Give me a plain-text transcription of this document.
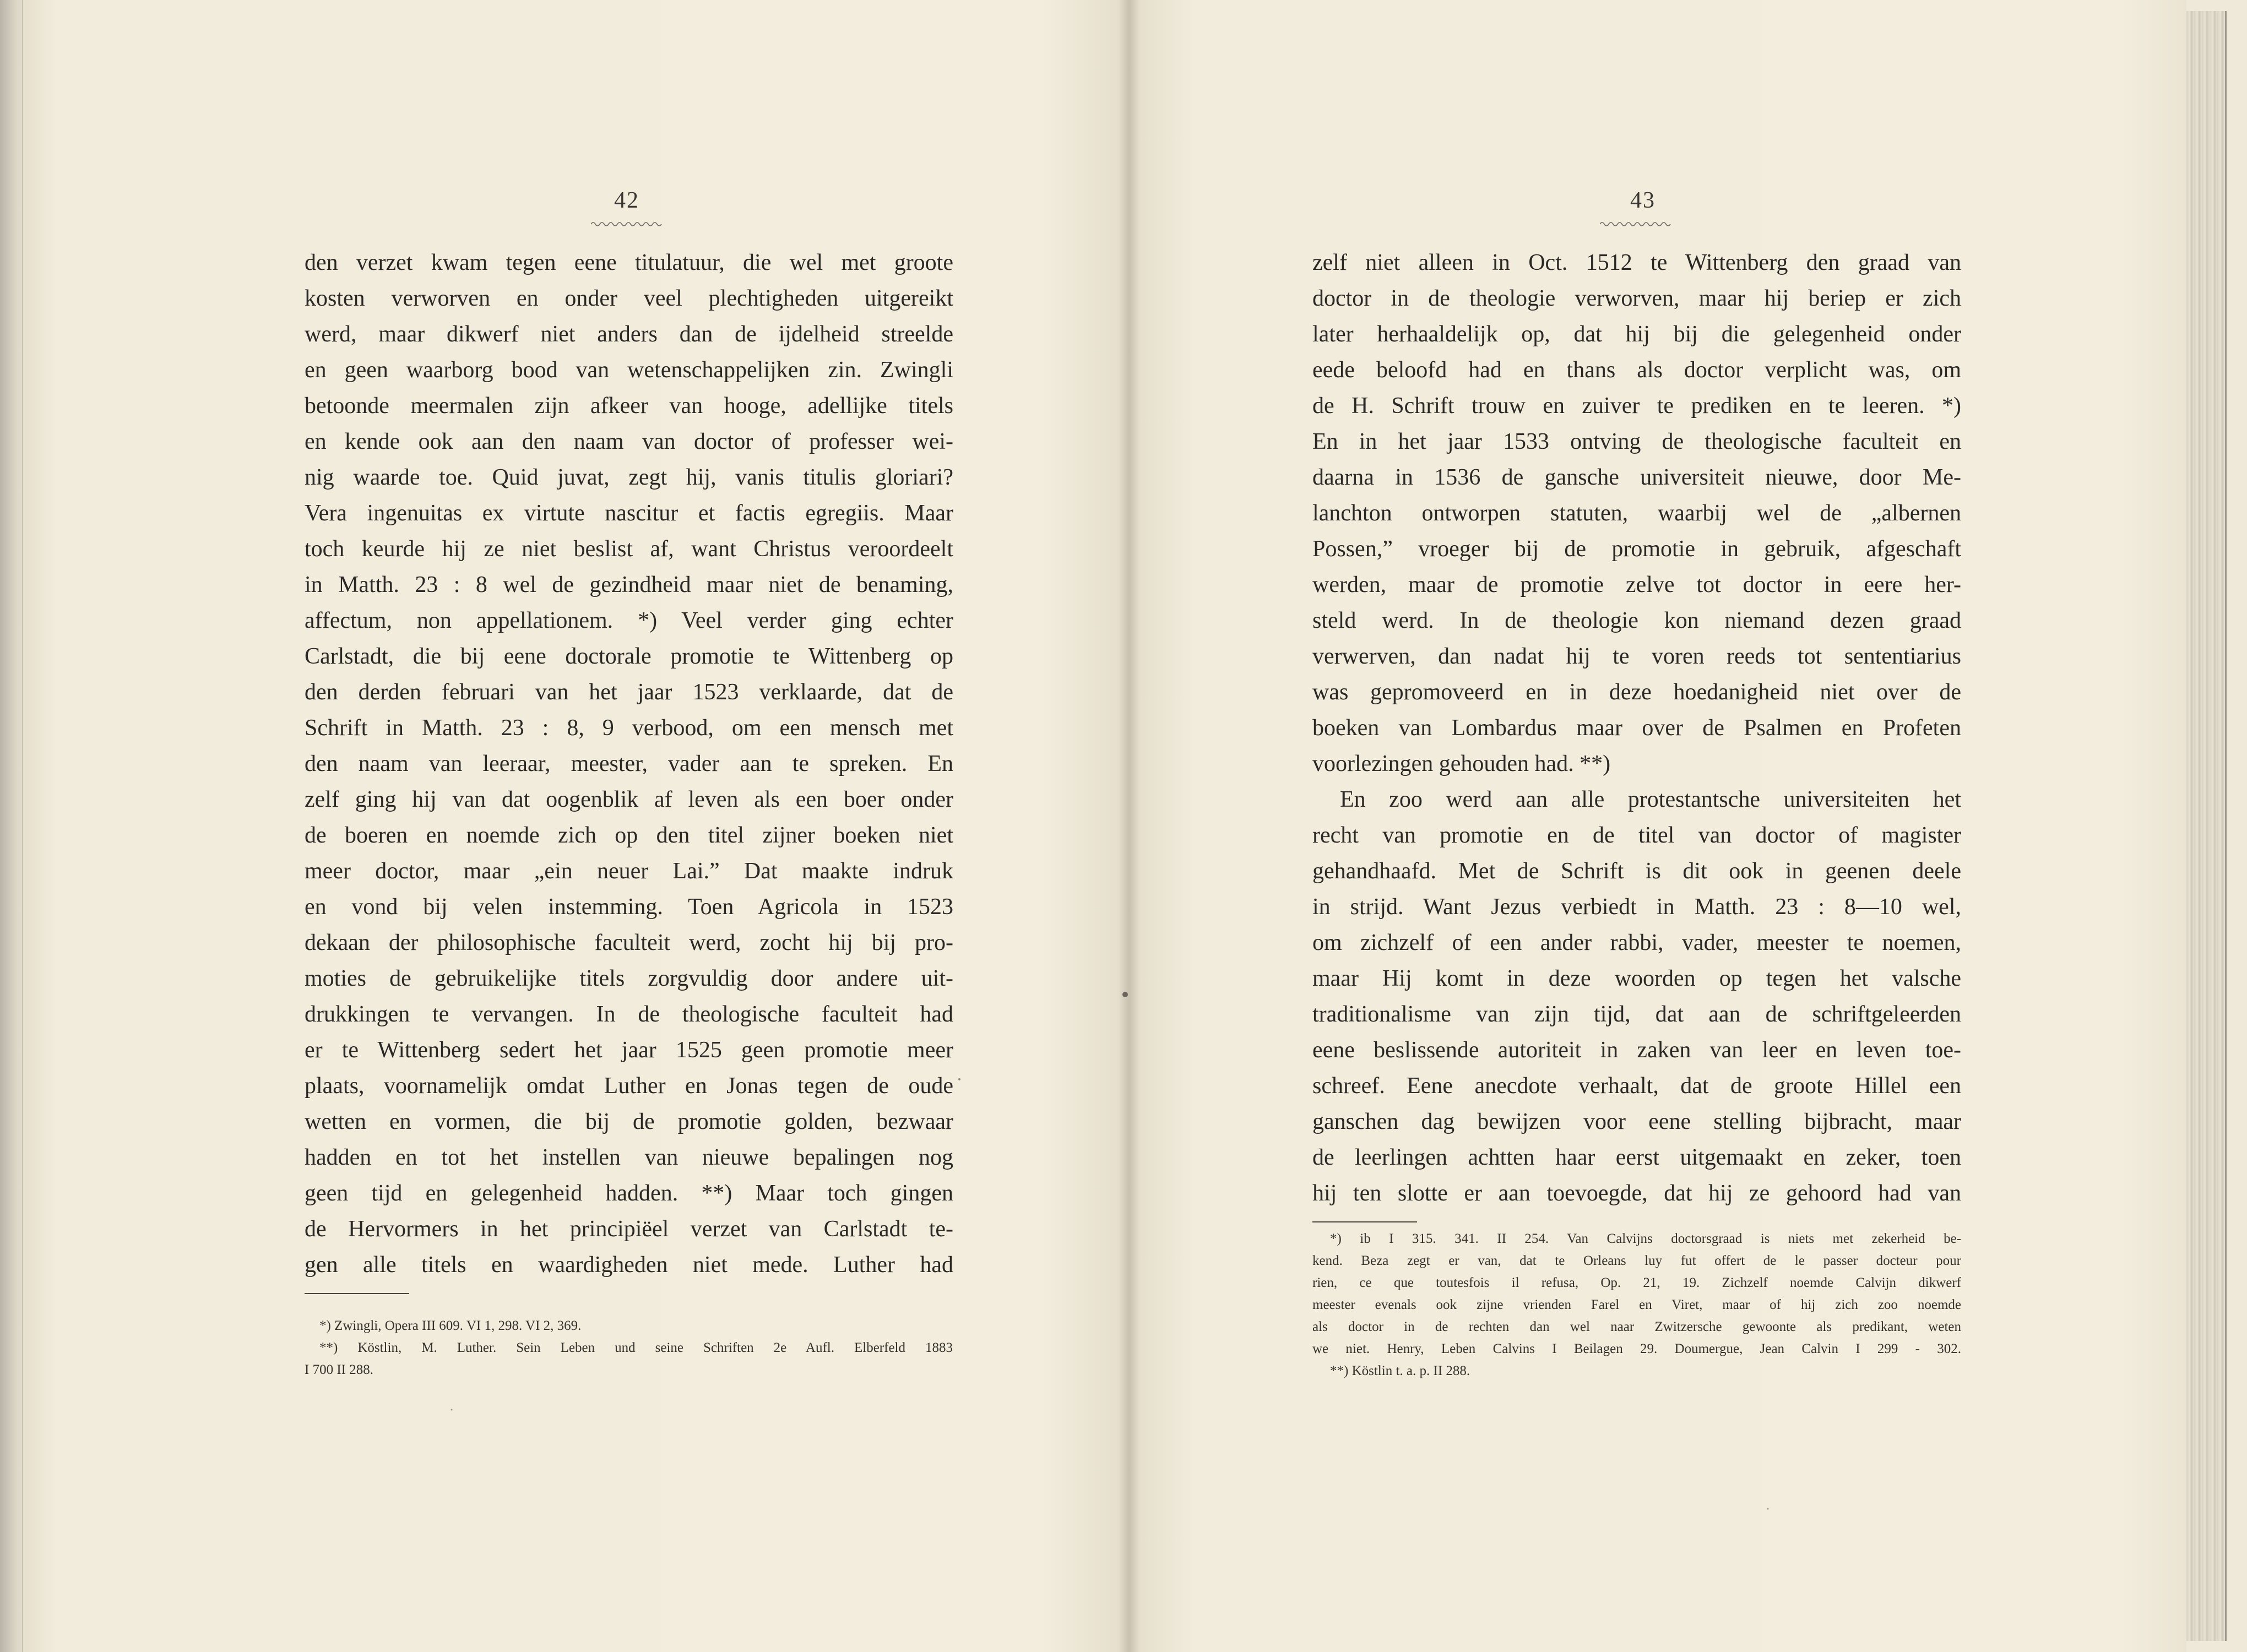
42
den verzet kwam tegen eene titulatuur, die wel met groote
kosten verworven en onder veel plechtigheden uitgereikt
werd, maar dikwerf niet anders dan de ijdelheid streelde
en geen waarborg bood van wetenschappelijken zin. Zwingli
betoonde meermalen zijn afkeer van hooge, adellijke titels
en kende ook aan den naam van doctor of professer wei-
nig waarde toe. Quid juvat, zegt hij, vanis titulis gloriari?
Vera ingenuitas ex virtute nascitur et factis egregiis. Maar
toch keurde hij ze niet beslist af, want Christus veroordeelt
in Matth. 23 : 8 wel de gezindheid maar niet de benaming,
affectum, non appellationem. *) Veel verder ging echter
Carlstadt, die bij eene doctorale promotie te Wittenberg op
den derden februari van het jaar 1523 verklaarde, dat de
Schrift in Matth. 23 : 8, 9 verbood, om een mensch met
den naam van leeraar, meester, vader aan te spreken. En
zelf ging hij van dat oogenblik af leven als een boer onder
de boeren en noemde zich op den titel zijner boeken niet
meer doctor, maar „ein neuer Lai.” Dat maakte indruk
en vond bij velen instemming. Toen Agricola in 1523
dekaan der philosophische faculteit werd, zocht hij bij pro-
moties de gebruikelijke titels zorgvuldig door andere uit-
drukkingen te vervangen. In de theologische faculteit had
er te Wittenberg sedert het jaar 1525 geen promotie meer
plaats, voornamelijk omdat Luther en Jonas tegen de oude
wetten en vormen, die bij de promotie golden, bezwaar
hadden en tot het instellen van nieuwe bepalingen nog
geen tijd en gelegenheid hadden. **) Maar toch gingen
de Hervormers in het principiëel verzet van Carlstadt te-
gen alle titels en waardigheden niet mede. Luther had
*) Zwingli, Opera III 609. VI 1, 298. VI 2, 369.
**) Köstlin, M. Luther. Sein Leben und seine Schriften 2e Aufl. Elberfeld 1883
I 700 II 288.
43
zelf niet alleen in Oct. 1512 te Wittenberg den graad van
doctor in de theologie verworven, maar hij beriep er zich
later herhaaldelijk op, dat hij bij die gelegenheid onder
eede beloofd had en thans als doctor verplicht was, om
de H. Schrift trouw en zuiver te prediken en te leeren. *)
En in het jaar 1533 ontving de theologische faculteit en
daarna in 1536 de gansche universiteit nieuwe, door Me-
lanchton ontworpen statuten, waarbij wel de „albernen
Possen,” vroeger bij de promotie in gebruik, afgeschaft
werden, maar de promotie zelve tot doctor in eere her-
steld werd. In de theologie kon niemand dezen graad
verwerven, dan nadat hij te voren reeds tot sententiarius
was gepromoveerd en in deze hoedanigheid niet over de
boeken van Lombardus maar over de Psalmen en Profeten
voorlezingen gehouden had. **)
En zoo werd aan alle protestantsche universiteiten het
recht van promotie en de titel van doctor of magister
gehandhaafd. Met de Schrift is dit ook in geenen deele
in strijd. Want Jezus verbiedt in Matth. 23 : 8—10 wel,
om zichzelf of een ander rabbi, vader, meester te noemen,
maar Hij komt in deze woorden op tegen het valsche
traditionalisme van zijn tijd, dat aan de schriftgeleerden
eene beslissende autoriteit in zaken van leer en leven toe-
schreef. Eene anecdote verhaalt, dat de groote Hillel een
ganschen dag bewijzen voor eene stelling bijbracht, maar
de leerlingen achtten haar eerst uitgemaakt en zeker, toen
hij ten slotte er aan toevoegde, dat hij ze gehoord had van
*) ib I 315. 341. II 254. Van Calvijns doctorsgraad is niets met zekerheid be-
kend. Beza zegt er van, dat te Orleans luy fut offert de le passer docteur pour
rien, ce que toutesfois il refusa, Op. 21, 19. Zichzelf noemde Calvijn dikwerf
meester evenals ook zijne vrienden Farel en Viret, maar of hij zich zoo noemde
als doctor in de rechten dan wel naar Zwitzersche gewoonte als predikant, weten
we niet. Henry, Leben Calvins I Beilagen 29. Doumergue, Jean Calvin I 299 - 302.
**) Köstlin t. a. p. II 288.
